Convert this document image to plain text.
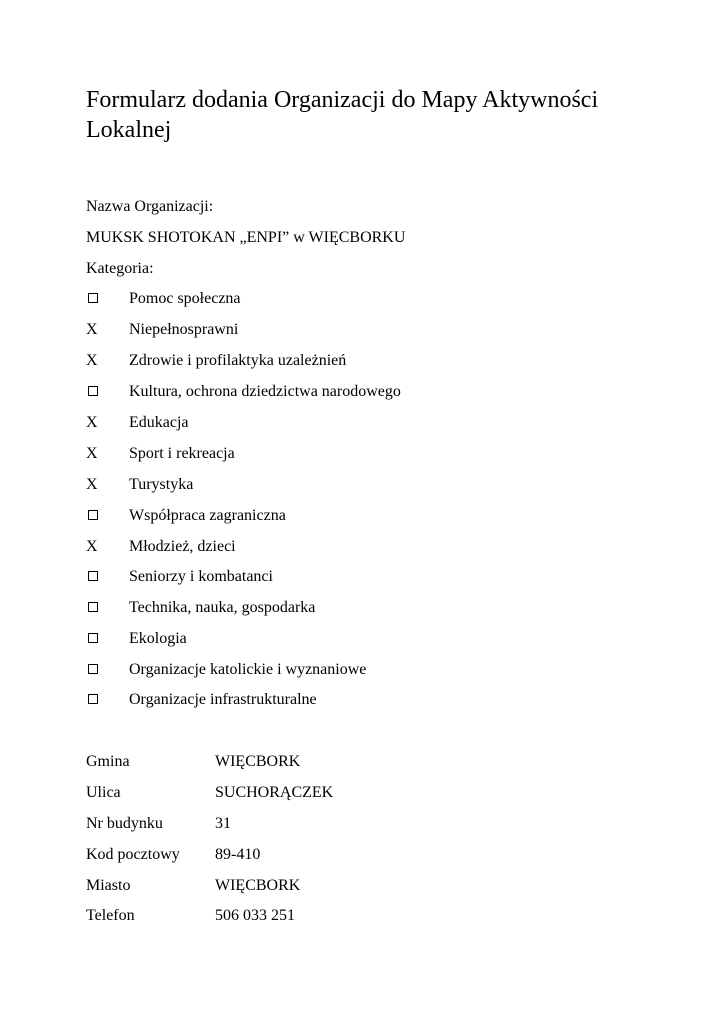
Formularz dodania Organizacji do Mapy Aktywności Lokalnej
Nazwa Organizacji:
MUKSK SHOTOKAN „ENPI” w WIĘCBORKU
Kategoria:
Pomoc społeczna
X Niepełnosprawni
X Zdrowie i profilaktyka uzależnień
Kultura, ochrona dziedzictwa narodowego
X Edukacja
X Sport i rekreacja
X Turystyka
Współpraca zagraniczna
X Młodzież, dzieci
Seniorzy i kombatanci
Technika, nauka, gospodarka
Ekologia
Organizacje katolickie i wyznaniowe
Organizacje infrastrukturalne
Gmina	WIĘCBORK
Ulica	SUCHORĄCZEK
Nr budynku	31
Kod pocztowy 89-410
Miasto	WIĘCBORK
Telefon	506 033 251
